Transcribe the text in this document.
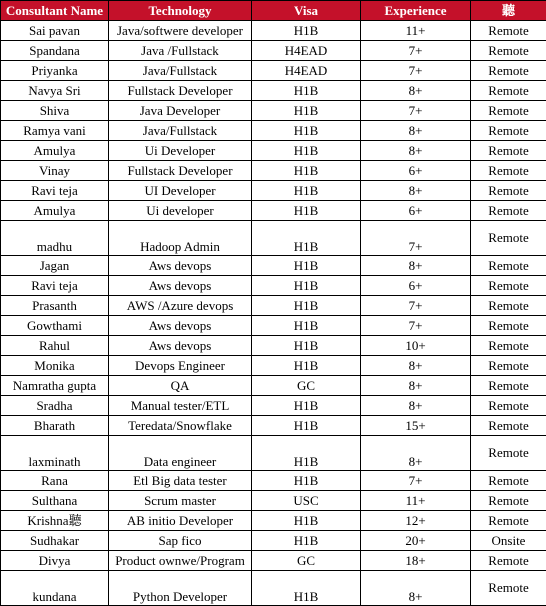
Consultant Name	Technology	Visa	Experience	聽
Sai pavan	Java/softwere developer	H1B	11+	Remote
Spandana	Java /Fullstack	H4EAD	7+	Remote
Priyanka	Java/Fullstack	H4EAD	7+	Remote
Navya Sri	Fullstack Developer	H1B	8+	Remote
Shiva	Java Developer	H1B	7+	Remote
Ramya vani	Java/Fullstack	H1B	8+	Remote
Amulya	Ui Developer	H1B	8+	Remote
Vinay	Fullstack Developer	H1B	6+	Remote
Ravi teja	UI Developer	H1B	8+	Remote
Amulya	Ui developer	H1B	6+	Remote
madhu	Hadoop Admin	H1B	7+	Remote
Jagan	Aws devops	H1B	8+	Remote
Ravi teja	Aws devops	H1B	6+	Remote
Prasanth	AWS /Azure devops	H1B	7+	Remote
Gowthami	Aws devops	H1B	7+	Remote
Rahul	Aws devops	H1B	10+	Remote
Monika	Devops Engineer	H1B	8+	Remote
Namratha gupta	QA	GC	8+	Remote
Sradha	Manual tester/ETL	H1B	8+	Remote
Bharath	Teredata/Snowflake	H1B	15+	Remote
laxminath	Data engineer	H1B	8+	Remote
Rana	Etl Big data tester	H1B	7+	Remote
Sulthana	Scrum master	USC	11+	Remote
Krishna聽	AB initio Developer	H1B	12+	Remote
Sudhakar	Sap fico	H1B	20+	Onsite
Divya	Product ownwe/Program	GC	18+	Remote
kundana	Python Developer	H1B	8+	Remote
